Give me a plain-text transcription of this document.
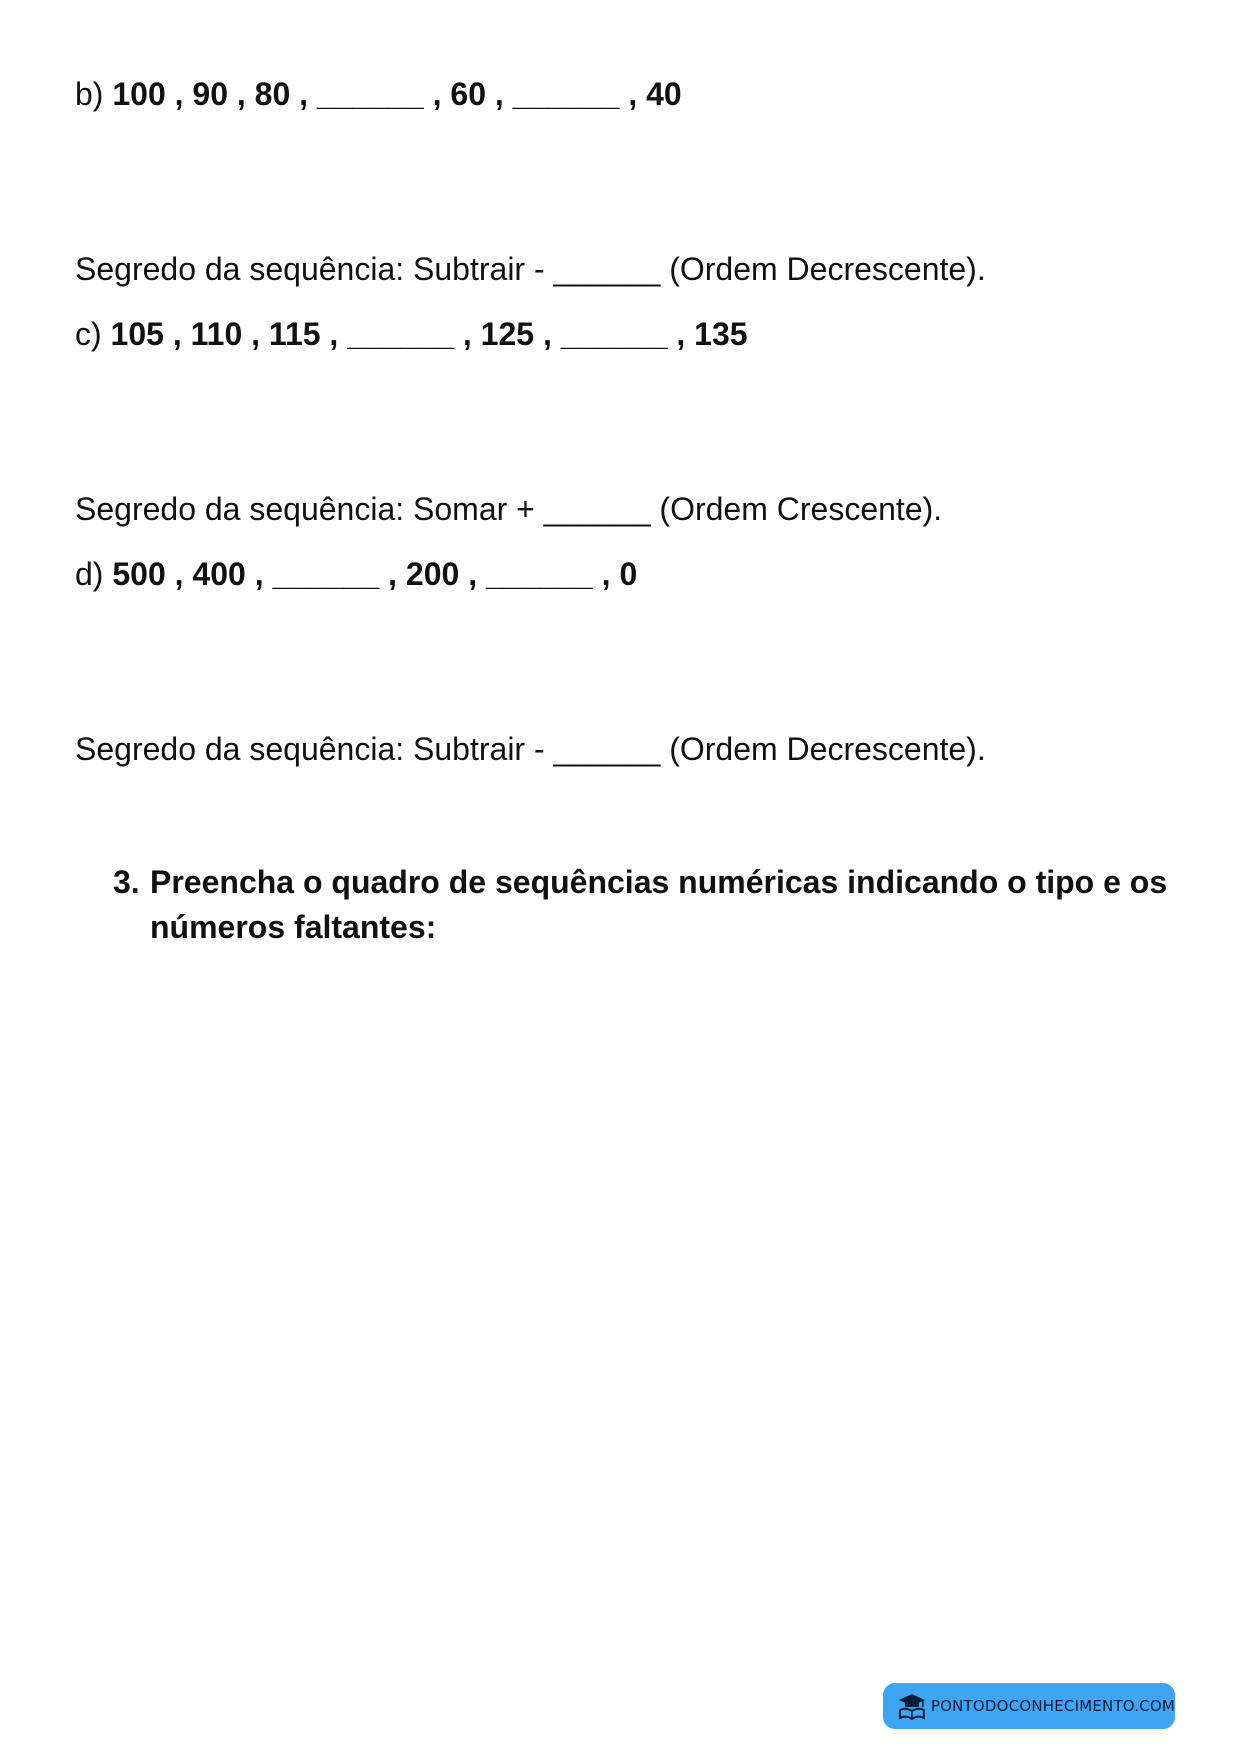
b) 100 , 90 , 80 , ______ , 60 , ______ , 40
Segredo da sequência: Subtrair - ______ (Ordem Decrescente).
c) 105 , 110 , 115 , ______ , 125 , ______ , 135
Segredo da sequência: Somar + ______ (Ordem Crescente).
d) 500 , 400 , ______ , 200 , ______ , 0
Segredo da sequência: Subtrair - ______ (Ordem Decrescente).
3. Preencha o quadro de sequências numéricas indicando o tipo e os números faltantes:
PONTODOCONHECIMENTO.COM
